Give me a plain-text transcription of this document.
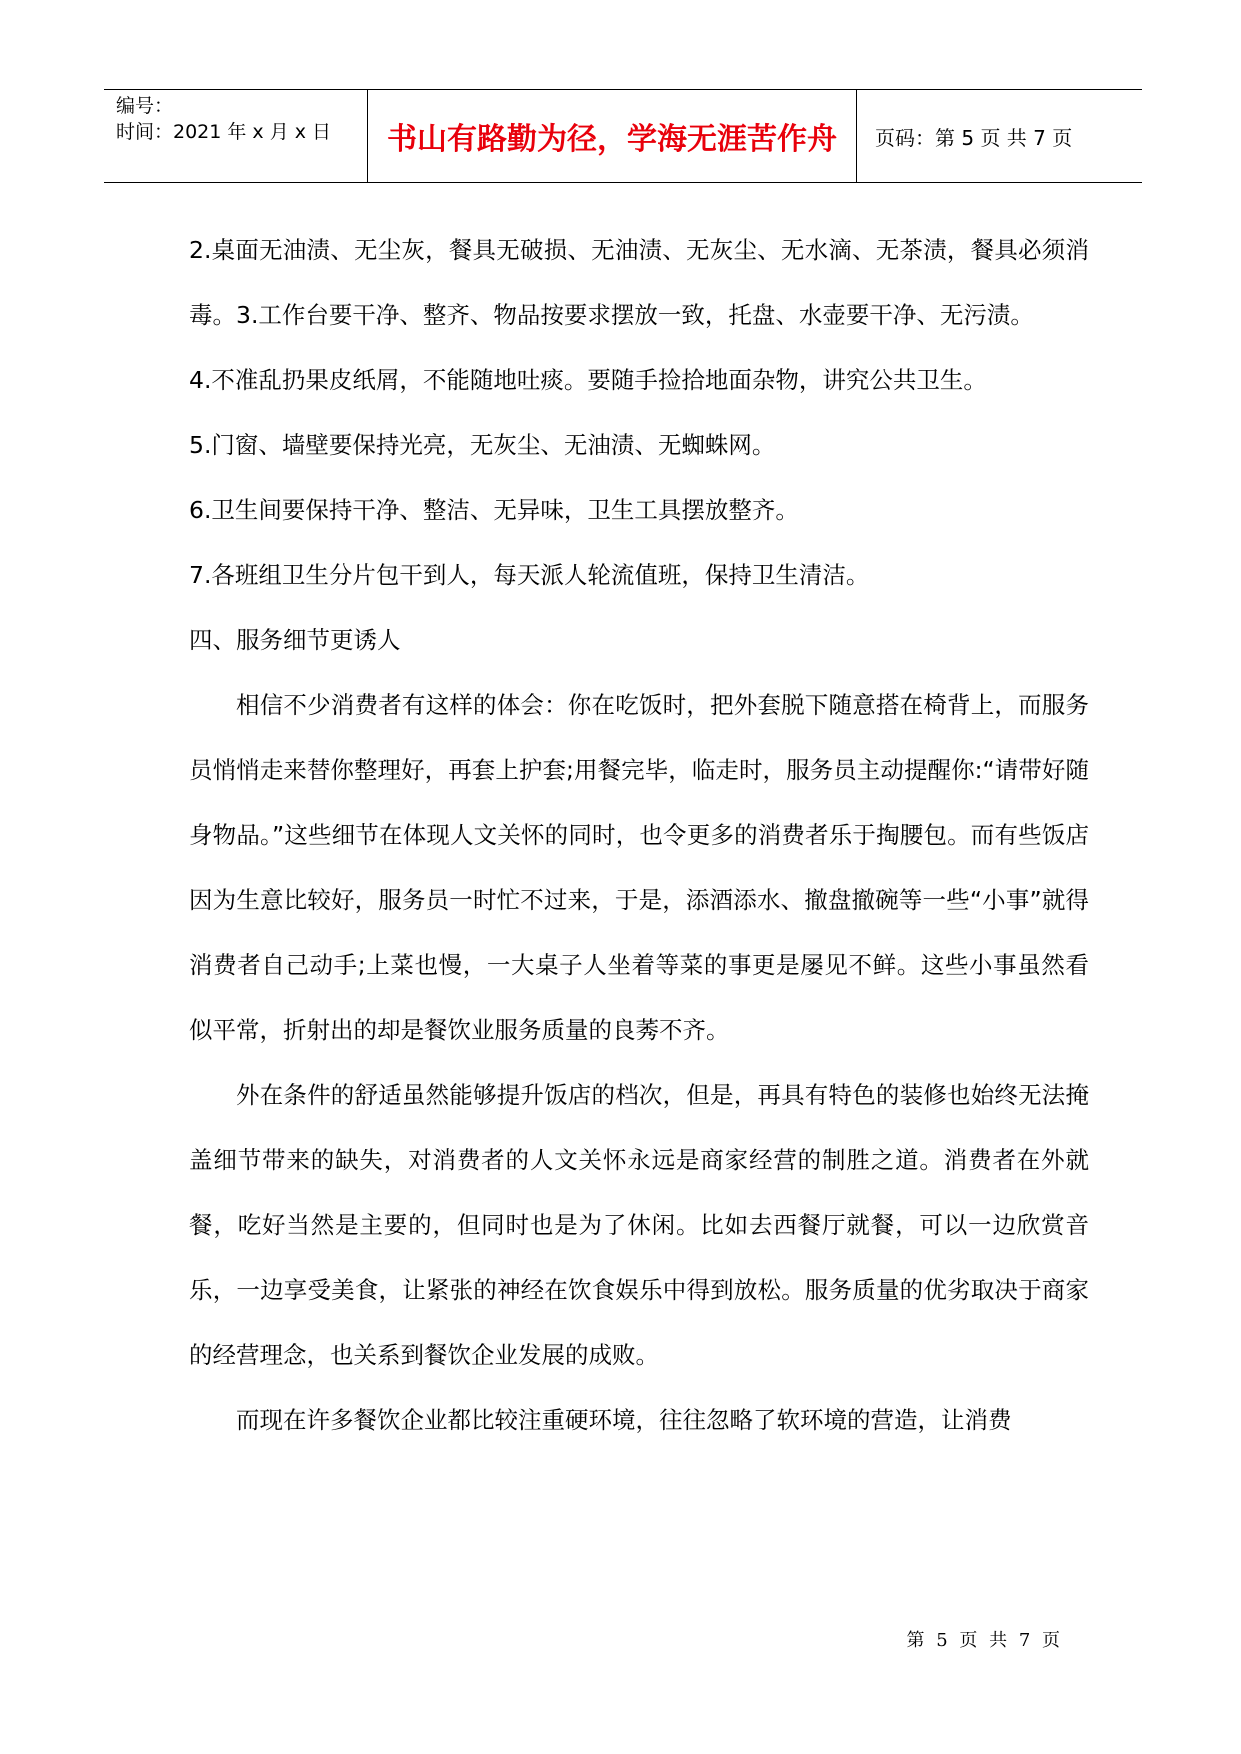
编号：
时间：2021 年 x 月 x 日 书山有路勤为径，学海无涯苦作舟 页码：第 5 页 共 7 页

2.桌面无油渍、无尘灰，餐具无破损、无油渍、无灰尘、无水滴、无茶渍，餐具必须消毒。3.工作台要干净、整齐、物品按要求摆放一致，托盘、水壶要干净、无污渍。

4.不准乱扔果皮纸屑，不能随地吐痰。要随手捡拾地面杂物，讲究公共卫生。

5.门窗、墙壁要保持光亮，无灰尘、无油渍、无蜘蛛网。

6.卫生间要保持干净、整洁、无异味，卫生工具摆放整齐。

7.各班组卫生分片包干到人，每天派人轮流值班，保持卫生清洁。

四、服务细节更诱人

相信不少消费者有这样的体会：你在吃饭时，把外套脱下随意搭在椅背上，而服务员悄悄走来替你整理好，再套上护套;用餐完毕，临走时，服务员主动提醒你:“请带好随身物品。”这些细节在体现人文关怀的同时，也令更多的消费者乐于掏腰包。而有些饭店因为生意比较好，服务员一时忙不过来，于是，添酒添水、撤盘撤碗等一些“小事”就得消费者自己动手;上菜也慢，一大桌子人坐着等菜的事更是屡见不鲜。这些小事虽然看似平常，折射出的却是餐饮业服务质量的良莠不齐。

外在条件的舒适虽然能够提升饭店的档次，但是，再具有特色的装修也始终无法掩盖细节带来的缺失，对消费者的人文关怀永远是商家经营的制胜之道。消费者在外就餐，吃好当然是主要的，但同时也是为了休闲。比如去西餐厅就餐，可以一边欣赏音乐，一边享受美食，让紧张的神经在饮食娱乐中得到放松。服务质量的优劣取决于商家的经营理念，也关系到餐饮企业发展的成败。

而现在许多餐饮企业都比较注重硬环境，往往忽略了软环境的营造，让消费

第 5 页 共 7 页
